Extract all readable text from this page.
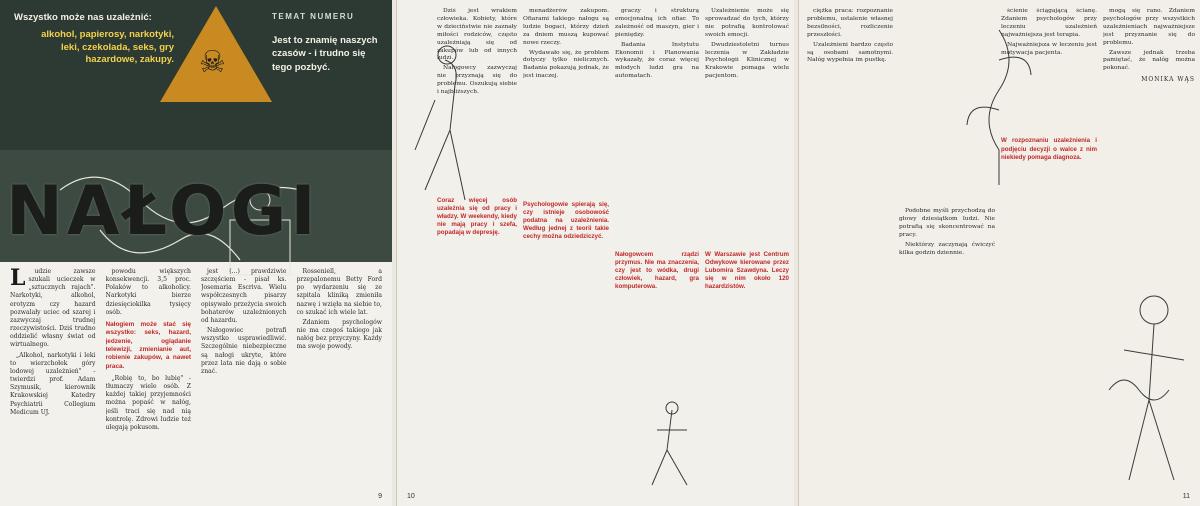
☠
TEMAT NUMERU
Wszystko może nas uzależnić:
alkohol, papierosy, narkotyki, leki, czekolada, seks, gry hazardowe, zakupy.
Jest to znamię naszych czasów - i trudno się tego pozbyć.
NAŁOGI
L	udzie zawsze szukali ucieczek w „sztucznych rajach". Narkotyki, alkohol, erotyzm czy hazard pozwalały uciec od szarej i zazwyczaj trudnej rzeczywistości. Dziś trudno oddzielić własny świat od wirtualnego.

„Alkohol, narkotyki i leki to wierzchołek góry lodowej uzależnień" - twierdzi prof. Adam Szymusik, kierownik Krakowskiej Katedry Psychiatrii Collegium Medicum UJ.

powodu większych konsekwencji. 3,5 proc. Polaków to alkoholicy. Narkotyki bierze dziesięciokilka tysięcy osób.

Nałogiem może stać się wszystko: seks, hazard, jedzenie, oglądanie telewizji, zmienianie aut, robienie zakupów, a nawet praca.

„Robię to, bo lubię" - tłumaczy wiele osób. Z każdej takiej przyjemności można popaść w nałóg, jeśli traci się nad nią kontrolę. Zdrowi ludzie też ulegają pokusom.

jest (...) prawdziwie szczęściem - pisał ks. Josemaria Escriva. Wielu współczesnych pisarzy opisywało przeżycia swoich bohaterów uzależnionych od hazardu.

Nałogowiec potrafi wszystko usprawiedliwić. Szczególnie niebezpieczne są nałogi ukryte, które przez lata nie dają o sobie znać.

Rosseniell, a przepalonemu Betty Ford po wydarzeniu się ze szpitala kliniką zmieniła nazwę i wzięła na siebie to, co szukać ich wiele lat.

Zdaniem psychologów nie ma czegoś takiego jak nałóg bez przyczyny. Każdy ma swoje powody.

9

Dziś jest wrakiem człowieka. Kobiety, które w dzieciństwie nie zaznały miłości rodziców, często uzależniają się od zakupów lub od innych ludzi.

Nałogowcy zazwyczaj nie przyznają się do problemu. Oszukują siebie i najbliższych.

Coraz więcej osób uzależnia się od pracy i władzy. W weekendy, kiedy nie mają pracy i szefa, popadają w depresję.

menadżerów zakupom. Ofiarami takiego nałogu są ludzie bogaci, którzy dzień za dniem muszą kupować nowe rzeczy.

Wydawało się, że problem dotyczy tylko nielicznych. Badania pokazują jednak, że jest inaczej.

Psychologowie spierają się, czy istnieje osobowość podatna na uzależnienia. Według jednej z teorii takie cechy można odziedziczyć.

graczy i strukturą emocjonalną ich ofiar. To zależność od maszyn, gier i pieniędzy.

Badania Instytutu Ekonomii i Planowania wykazały, że coraz więcej młodych ludzi gra na automatach.

Nałogowcem rządzi przymus. Nie ma znaczenia, czy jest to wódka, drugi człowiek, hazard, gra komputerowa.

Uzależnienie może się sprowadzać do tych, którzy nie potrafią kontrolować swoich emocji.

Dwudziestoletni turnus leczenia w Zakładzie Psychologii Klinicznej w Krakowie pomaga wielu pacjentom.

W Warszawie jest Centrum Odwykowe kierowane przez Lubomira Szawdyna. Leczy się w nim około 120 hazardzistów.
10

ciężka praca: rozpoznanie problemu, ustalenie własnej bezsilności, rozliczenie przeszłości.

Uzależnieni bardzo często są osobami samotnymi. Nałóg wypełnia im pustkę.

Podobne myśli przychodzą do głowy dziesiątkom ludzi. Nie potrafią się skoncentrować na pracy.

Niektórzy zaczynają ćwiczyć kilka godzin dziennie.

ścienie ściągającą ścianę. Zdaniem psychologów przy leczeniu uzależnień najważniejsza jest terapia.

Najważniejsza w leczeniu jest motywacja pacjenta.

W rozpoznaniu uzależnienia i podjęciu decyzji o walce z nim niekiedy pomaga diagnoza.

mogą się rano. Zdaniem psychologów przy wszystkich uzależnieniach najważniejsze jest przyznanie się do problemu.

Zawsze jednak trzeba pamiętać, że nałóg można pokonać.

MONIKA WĄS
11
